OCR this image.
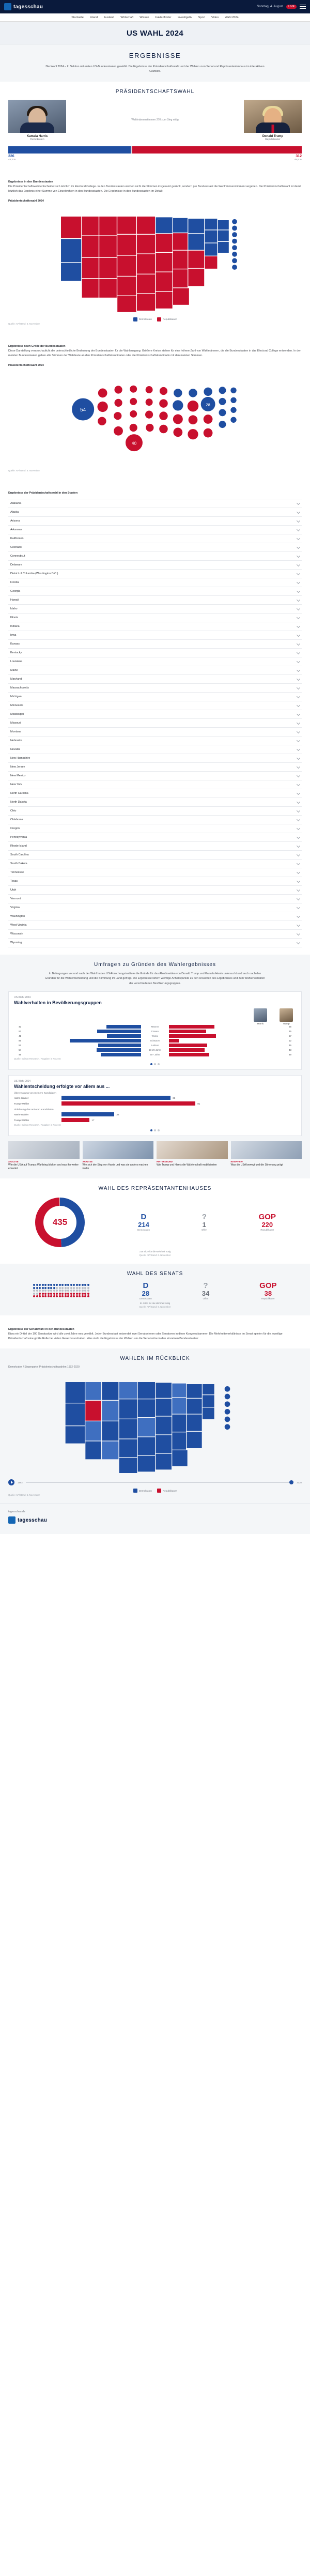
tagesschau	Sonntag, 4. August	LIVE
Startseite Inland Ausland Wirtschaft Wissen Faktenfinder Investigativ Sport Video Wahl 2024
US WAHL 2024
ERGEBNISSE

Die Wahl 2024 – In Sektion mit ersten US-Bundesstaaten gewählt. Die Ergebnisse der Präsidentschaftswahl und der Wahlen zum Senat und Repräsentantenhaus im interaktiven Grafiken.

PRÄSIDENTSCHAFTSWAHL
Kamala Harris
Demokraten
Wahlmännerstimmen 270 zum Sieg nötig
Donald Trump
Republikaner
226	312
48,3 %	49,9 %
Ergebnisse in den Bundesstaaten

Die Präsidentschaftswahl entscheidet sich letztlich im Electoral College. In den Bundesstaaten werden nicht die Stimmen insgesamt gezählt, sondern pro Bundesstaat die Wahlmännerstimmen vergeben. Die Präsidentschaftswahl ist damit letztlich das Ergebnis einer Summe von Einzelwahlen in den Bundesstaaten. Die Ergebnisse in den Bundesstaaten im Detail:

Präsidentschaftswahl 2024
Demokraten	Republikaner
Quelle: AP/Stand: 6. November
Ergebnisse nach Größe der Bundesstaaten

Diese Darstellung veranschaulicht die unterschiedliche Bedeutung der Bundesstaaten für die Wahlausgang: Größere Kreise stehen für eine höhere Zahl von Wahlmännern, die die Bundesstaaten in das Electoral College entsenden. In den meisten Bundesstaaten gehen alle Stimmen der Wahlleute an den Präsidentschaftskandidaten oder die Präsidentschaftskandidatin mit den meisten Stimmen.

Präsidentschaftswahl 2024
54
40
28
Quelle: AP/Stand: 6. November
Ergebnisse der Präsidentschaftswahl in den Staaten
Alabama
Alaska
Arizona
Arkansas
Kalifornien
Colorado
Connecticut
Delaware
District of Columbia (Washington D.C.)
Florida
Georgia
Hawaii
Idaho
Illinois
Indiana
Iowa
Kansas
Kentucky
Louisiana
Maine
Maryland
Massachusetts
Michigan
Minnesota
Mississippi
Missouri
Montana
Nebraska
Nevada
New Hampshire
New Jersey
New Mexico
New York
North Carolina
North Dakota
Ohio
Oklahoma
Oregon
Pennsylvania
Rhode Island
South Carolina
South Dakota
Tennessee
Texas
Utah
Vermont
Virginia
Washington
West Virginia
Wisconsin
Wyoming
Umfragen zu Gründen des Wahlergebnisses

In Befragungen vor und nach der Wahl haben US-Forschungsinstitute die Gründe für das Abschneiden von Donald Trump und Kamala Harris untersucht und auch nach den Gründen für die Wahlentscheidung und die Stimmung im Land gefragt. Die Ergebnisse liefern wichtige Anhaltspunkte zu den Ursachen des Ergebnisses und zum Wählerverhalten der verschiedenen Bevölkerungsgruppen.

US-Wahl 2024
Wahlverhalten in Bevölkerungsgruppen
Harris	Trump
42	Männer	55
53	Frauen	45
41	Weiße	57
86	Schwarze	12
52	Latinos	46
54	18-29 Jahre	43
49	65+ Jahre	49
Quelle: Edison Research / Angaben in Prozent
US-Wahl 2024
Wahlentscheidung erfolgte vor allem aus ...
Überzeugung von meinem Kandidaten
Harris-Wähler	66
Trump-Wähler	81
Ablehnung des anderen Kandidaten
Harris-Wähler	32
Trump-Wähler	17
Quelle: Edison Research / Angaben in Prozent
ANALYSE
Wie die USA auf Trumps Wahlsieg blicken und was ihn weiter erwartet
ANALYSE
Wie sich der Sieg von Harris und was sie anders machen wollte
HINTERGRUND
Wie Trump und Harris die Wählerschaft mobilisierten
INTERVIEW
Was die USA bewegt und die Stimmung prägt
WAHL DES REPRÄSENTANTENHAUSES
435	D
214
Demokraten
?
1
Offen
GOP
220
Republikaner
218 Sitze für die Mehrheit nötig
Quelle: AP/Stand: 6. November
WAHL DES SENATS
D
28
Demokraten
?
34
Offen
GOP
38
Republikaner
51 Sitze für die Mehrheit nötig
Quelle: AP/Stand: 6. November
Ergebnisse der Senatswahl in den Bundesstaaten

Etwa ein Drittel der 100 Senatssitze wird alle zwei Jahre neu gewählt. Jeder Bundesstaat entsendet zwei Senatorinnen oder Senatoren in diese Kongresskammer. Die Mehrheitsverhältnisse im Senat spielen für die jeweilige Präsidentschaft eine große Rolle bei vielen Gesetzesvorhaben. Was steht die Ergebnisse der Wahlen um die Senatssitze in den einzelnen Bundesstaaten:

WAHLEN IM RÜCKBLICK
Demokraten / Siegerpartei Präsidentschaftswahlen 1992-2020
1992	2020
Demokraten	Republikaner
Quelle: AP/Stand: 6. November
tagesschau.de
tagesschau
